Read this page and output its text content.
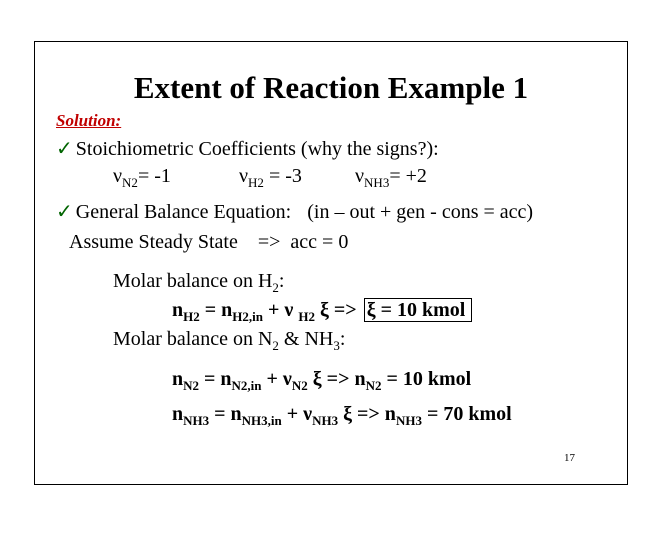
Extent of Reaction Example 1
Solution:
✓ Stoichiometric Coefficients (why the signs?):
$\nu_{N2}= -1$	$\nu_{H2} = -3$	$\nu_{NH3}= +2$
✓ General Balance Equation: (in – out + gen - cons = acc)
Assume Steady State    =>  acc = 0
Molar balance on $H_2$:
$n_{H2} = n_{H2,in} + \nu$ $_{H2}$ ξ => ξ = 10 kmol
Molar balance on $N_2$ & $NH_3$:
$n_{N2} = n_{N2,in} + \nu_{N2}$ $\xi => n_{N2} = 10$ kmol
$n_{NH3} = n_{NH3,in} + \nu_{NH3}$ $\xi => n_{NH3} = 70$ kmol
17
